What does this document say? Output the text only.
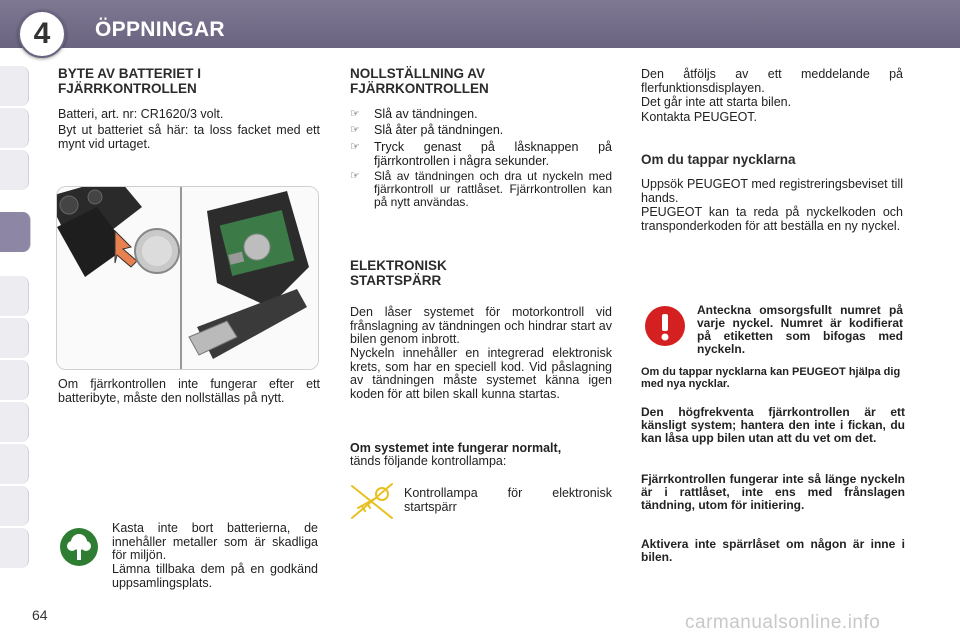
4	ÖPPNINGAR
BYTE AV BATTERIET I
FJÄRRKONTROLLEN
Batteri, art. nr: CR1620/3 volt.
Byt ut batteriet så här: ta loss facket med ett mynt vid urtaget.
Om fjärrkontrollen inte fungerar efter ett batteribyte, måste den nollställas på nytt.
Kasta inte bort batterierna, de innehåller metaller som är skadliga för miljön.
Lämna tillbaka dem på en godkänd uppsamlingsplats.
NOLLSTÄLLNING AV
FJÄRRKONTROLLEN
☞ Slå av tändningen.
☞ Slå åter på tändningen.
☞ Tryck genast på låsknappen på fjärrkontrollen i några sekunder.
☞ Slå av tändningen och dra ut nyckeln med fjärrkontroll ur rattlåset. Fjärrkontrollen kan på nytt användas.
ELEKTRONISK
STARTSPÄRR
Den låser systemet för motorkontroll vid frånslagning av tändningen och hindrar start av bilen genom inbrott.
Nyckeln innehåller en integrerad elektronisk krets, som har en speciell kod. Vid påslagning av tändningen måste systemet känna igen koden för att bilen skall kunna startas.
Om systemet inte fungerar normalt,
tänds följande kontrollampa:
Kontrollampa för elektronisk startspärr
Den åtföljs av ett meddelande på flerfunktionsdisplayen.
Det går inte att starta bilen.
Kontakta PEUGEOT.
Om du tappar nycklarna
Uppsök PEUGEOT med registreringsbeviset till hands.
PEUGEOT kan ta reda på nyckelkoden och transponderkoden för att beställa en ny nyckel.
Anteckna omsorgsfullt numret på varje nyckel. Numret är kodifierat på etiketten som bifogas med nyckeln.
Om du tappar nycklarna kan PEUGEOT hjälpa dig med nya nycklar.
Den högfrekventa fjärrkontrollen är ett känsligt system; hantera den inte i fickan, du kan låsa upp bilen utan att du vet om det.
Fjärrkontrollen fungerar inte så länge nyckeln är i rattlåset, inte ens med frånslagen tändning, utom för initiering.
Aktivera inte spärrlåset om någon är inne i bilen.
64	carmanualsonline.info
